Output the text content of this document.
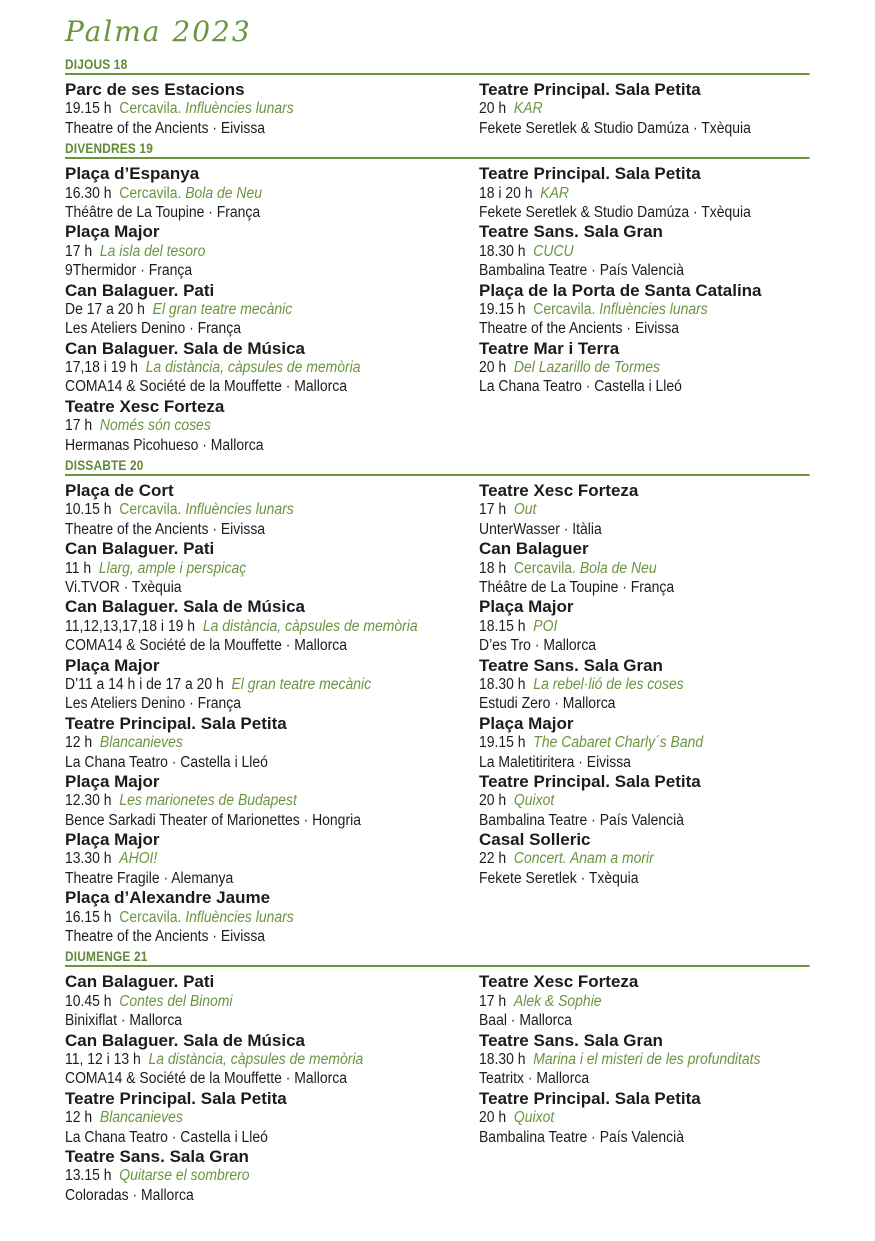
Palma 2023
DIJOUS 18
Parc de ses Estacions
19.15 h Cercavila. Influències lunars
Theatre of the Ancients · Eivissa
Teatre Principal. Sala Petita
20 h KAR
Fekete Seretlek & Studio Damúza · Txèquia
DIVENDRES 19
Plaça d’Espanya
16.30 h Cercavila. Bola de Neu
Théâtre de La Toupine · França
Plaça Major
17 h La isla del tesoro
9Thermidor · França
Can Balaguer. Pati
De 17 a 20 h El gran teatre mecànic
Les Ateliers Denino · França
Can Balaguer. Sala de Música
17,18 i 19 h La distància, càpsules de memòria
COMA14 & Société de la Mouffette · Mallorca
Teatre Xesc Forteza
17 h Només són coses
Hermanas Picohueso · Mallorca
Teatre Principal. Sala Petita
18 i 20 h KAR
Fekete Seretlek & Studio Damúza · Txèquia
Teatre Sans. Sala Gran
18.30 h CUCU
Bambalina Teatre · País Valencià
Plaça de la Porta de Santa Catalina
19.15 h Cercavila. Influències lunars
Theatre of the Ancients · Eivissa
Teatre Mar i Terra
20 h Del Lazarillo de Tormes
La Chana Teatro · Castella i Lleó
DISSABTE 20
Plaça de Cort
10.15 h Cercavila. Influències lunars
Theatre of the Ancients · Eivissa
Can Balaguer. Pati
11 h Llarg, ample i perspicaç
Vi.TVOR · Txèquia
Can Balaguer. Sala de Música
11,12,13,17,18 i 19 h La distància, càpsules de memòria
COMA14 & Société de la Mouffette · Mallorca
Plaça Major
D’11 a 14 h i de 17 a 20 h El gran teatre mecànic
Les Ateliers Denino · França
Teatre Principal. Sala Petita
12 h Blancanieves
La Chana Teatro · Castella i Lleó
Plaça Major
12.30 h Les marionetes de Budapest
Bence Sarkadi Theater of Marionettes · Hongria
Plaça Major
13.30 h AHOI!
Theatre Fragile · Alemanya
Plaça d’Alexandre Jaume
16.15 h Cercavila. Influències lunars
Theatre of the Ancients · Eivissa
Teatre Xesc Forteza
17 h Out
UnterWasser · Itàlia
Can Balaguer
18 h Cercavila. Bola de Neu
Théâtre de La Toupine · França
Plaça Major
18.15 h POI
D’es Tro · Mallorca
Teatre Sans. Sala Gran
18.30 h La rebel·lió de les coses
Estudi Zero · Mallorca
Plaça Major
19.15 h The Cabaret Charly´s Band
La Maletitiritera · Eivissa
Teatre Principal. Sala Petita
20 h Quixot
Bambalina Teatre · País Valencià
Casal Solleric
22 h Concert. Anam a morir
Fekete Seretlek · Txèquia
DIUMENGE 21
Can Balaguer. Pati
10.45 h Contes del Binomi
Binixiflat · Mallorca
Can Balaguer. Sala de Música
11, 12 i 13 h La distància, càpsules de memòria
COMA14 & Société de la Mouffette · Mallorca
Teatre Principal. Sala Petita
12 h Blancanieves
La Chana Teatro · Castella i Lleó
Teatre Sans. Sala Gran
13.15 h Quitarse el sombrero
Coloradas · Mallorca
Teatre Xesc Forteza
17 h Alek & Sophie
Baal · Mallorca
Teatre Sans. Sala Gran
18.30 h Marina i el misteri de les profunditats
Teatritx · Mallorca
Teatre Principal. Sala Petita
20 h Quixot
Bambalina Teatre · País Valencià
